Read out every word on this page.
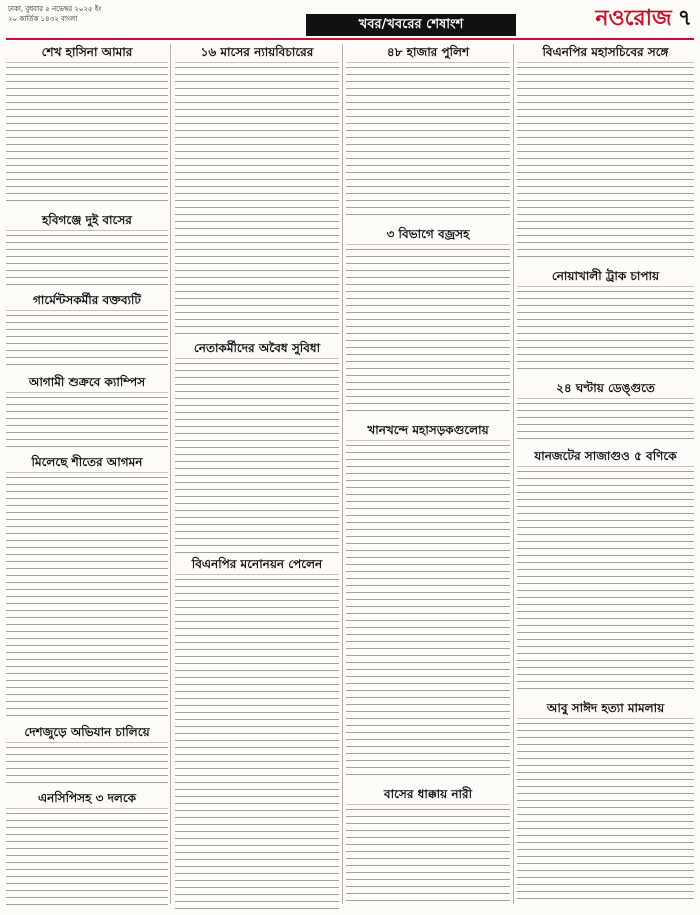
ঢাকা, বুধবার ৫ নভেম্বর ২০২৫ ইং
২০ কার্তিক ১৪৩২ বাংলা	খবর/খবরের শেষাংশ	নওরোজ ৭
শেখ হাসিনা আমার
হবিগঞ্জে দুই বাসের
গার্মেন্টসকর্মীর বক্তব্যটি
আগামী শুক্রবে ক্যাম্পিস
মিলেছে শীতের আগমন
দেশজুড়ে অভিযান চালিয়ে
এনসিপিসহ ৩ দলকে
১৬ মাসের ন্যায়বিচারের
নেতাকর্মীদের অবৈধ সুবিধা
বিএনপির মনোনয়ন পেলেন
৪৮ হাজার পুলিশ
৩ বিভাগে বজ্রসহ
খানখন্দে মহাসড়কগুলোয়
বাসের ধাক্কায় নারী
বিএনপির মহাসচিবের সঙ্গে
নোয়াখালী ট্রাক চাপায়
২৪ ঘণ্টায় ডেঙ্গুতে
যানজটের সাজাগুও ৫ বণিকে
আবু সাঈদ হত্যা মামলায়
